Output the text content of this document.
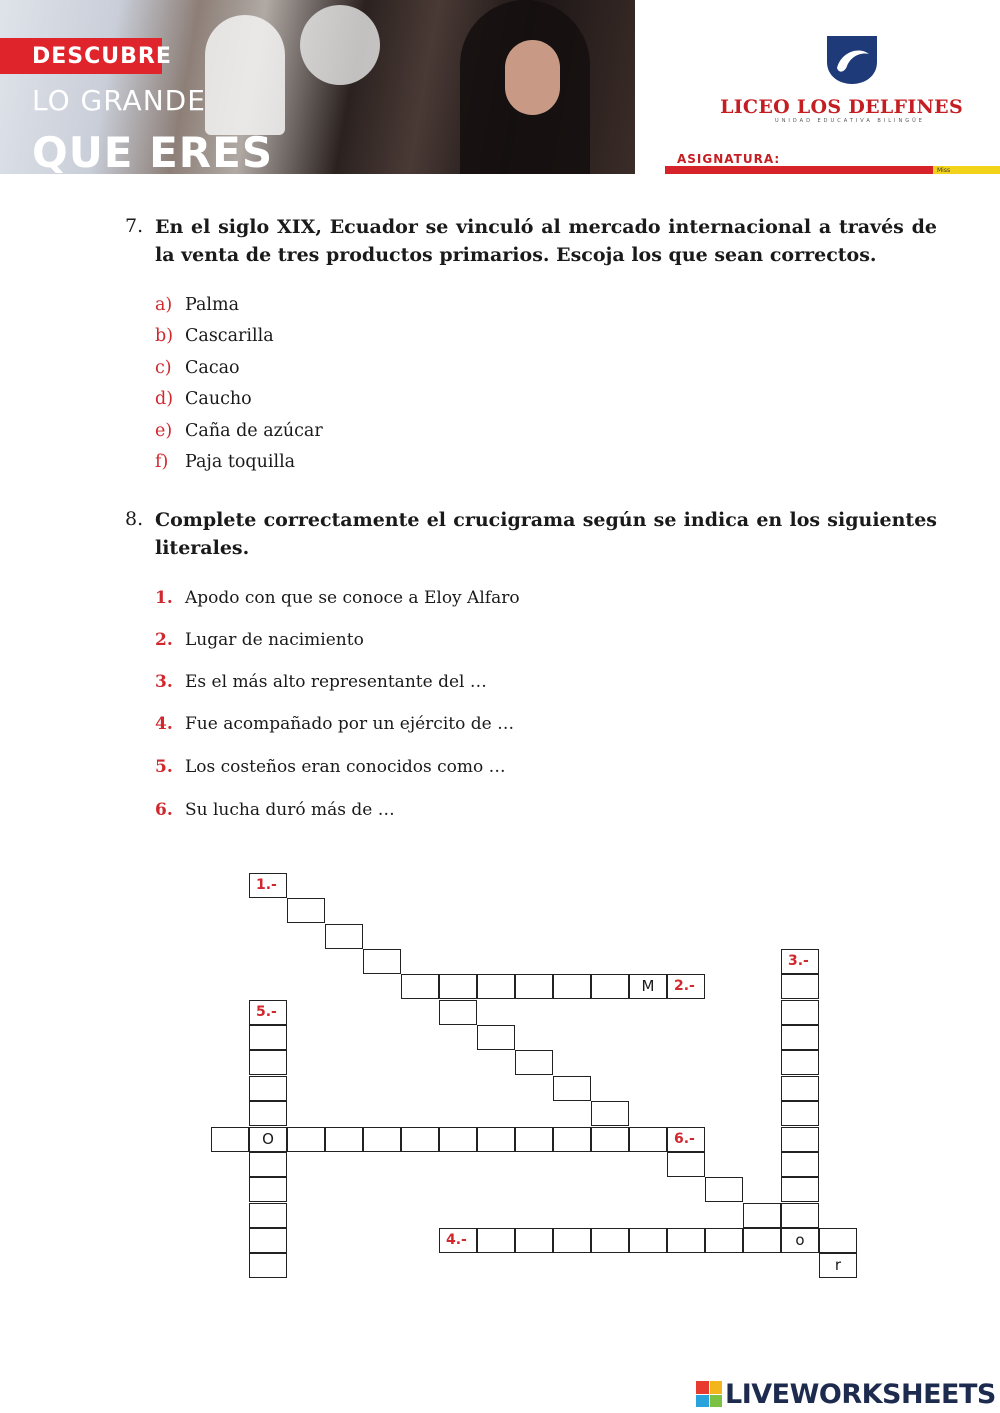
DESCUBRE
LO GRANDE
QUE ERES
LICEO LOS DELFINES
UNIDAD EDUCATIVA BILINGÜE
ASIGNATURA:
Miss
7. En el siglo XIX, Ecuador se vinculó al mercado internacional a través de la venta de tres productos primarios. Escoja los que sean correctos.
a) Palma
b) Cascarilla
c) Cacao
d) Caucho
e) Caña de azúcar
f) Paja toquilla
8. Complete correctamente el crucigrama según se indica en los siguientes literales.
1. Apodo con que se conoce a Eloy Alfaro
2. Lugar de nacimiento
3. Es el más alto representante del …
4. Fue acompañado por un ejército de …
5. Los costeños eran conocidos como …
6. Su lucha duró más de …
1.-
M	2.-
3.-
5.-
6.-
4.-	o
r
O
LIVEWORKSHEETS
